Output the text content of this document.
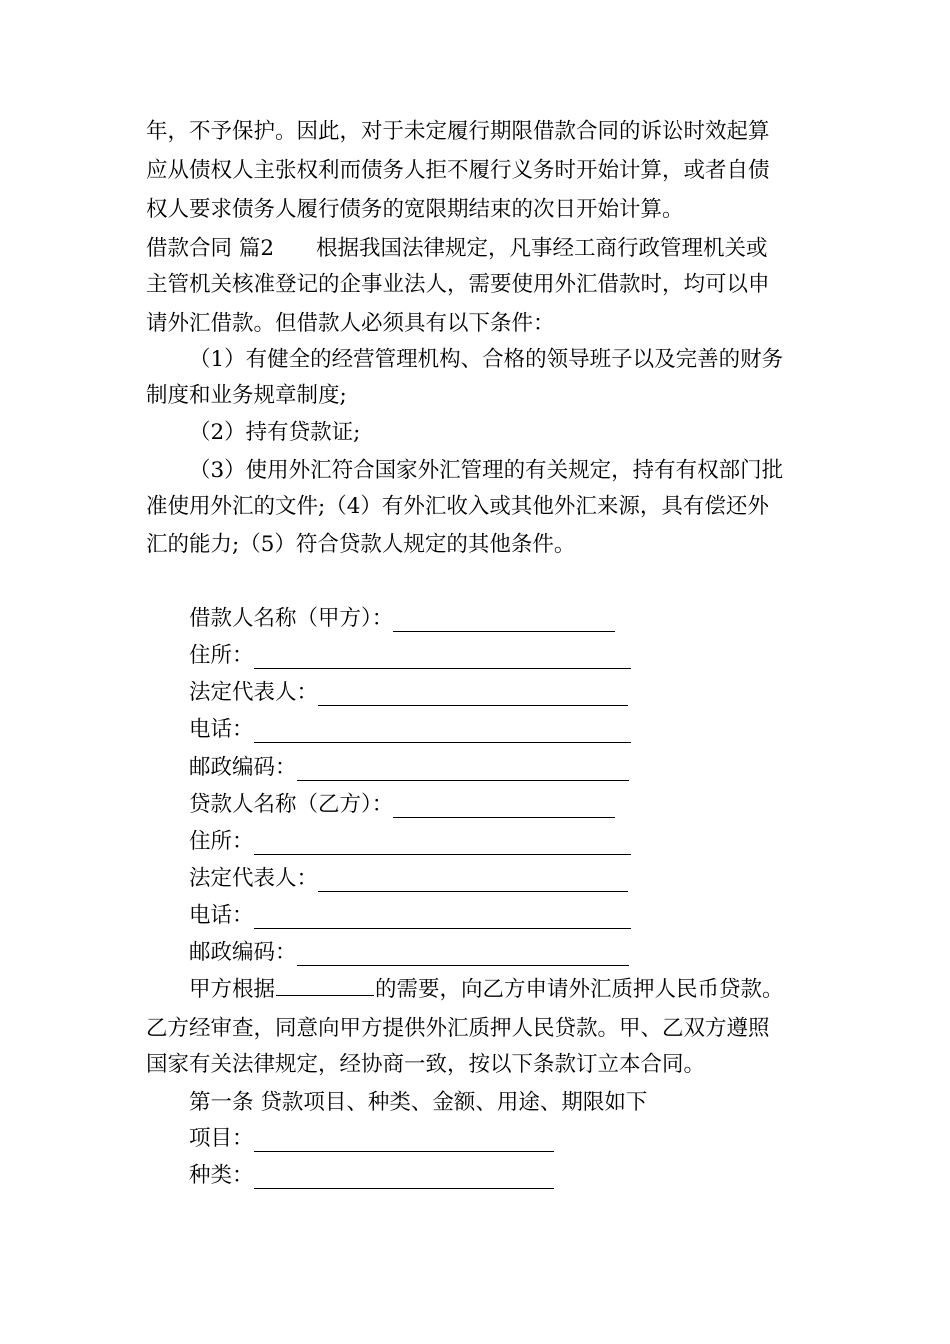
年，不予保护。因此，对于未定履行期限借款合同的诉讼时效起算
应从债权人主张权利而债务人拒不履行义务时开始计算，或者自债
权人要求债务人履行债务的宽限期结束的次日开始计算。
借款合同 篇2 根据我国法律规定，凡事经工商行政管理机关或
主管机关核准登记的企事业法人，需要使用外汇借款时，均可以申
请外汇借款。但借款人必须具有以下条件：
（1）有健全的经营管理机构、合格的领导班子以及完善的财务
制度和业务规章制度;
（2）持有贷款证;
（3）使用外汇符合国家外汇管理的有关规定，持有有权部门批
准使用外汇的文件;（4）有外汇收入或其他外汇来源，具有偿还外
汇的能力;（5）符合贷款人规定的其他条件。
借款人名称（甲方）：
住所：
法定代表人：
电话：
邮政编码：
贷款人名称（乙方）：
住所：
法定代表人：
电话：
邮政编码：
甲方根据	的需要，向乙方申请外汇质押人民币贷款。
乙方经审查，同意向甲方提供外汇质押人民贷款。甲、乙双方遵照
国家有关法律规定，经协商一致，按以下条款订立本合同。
第一条 贷款项目、种类、金额、用途、期限如下
项目：
种类：
